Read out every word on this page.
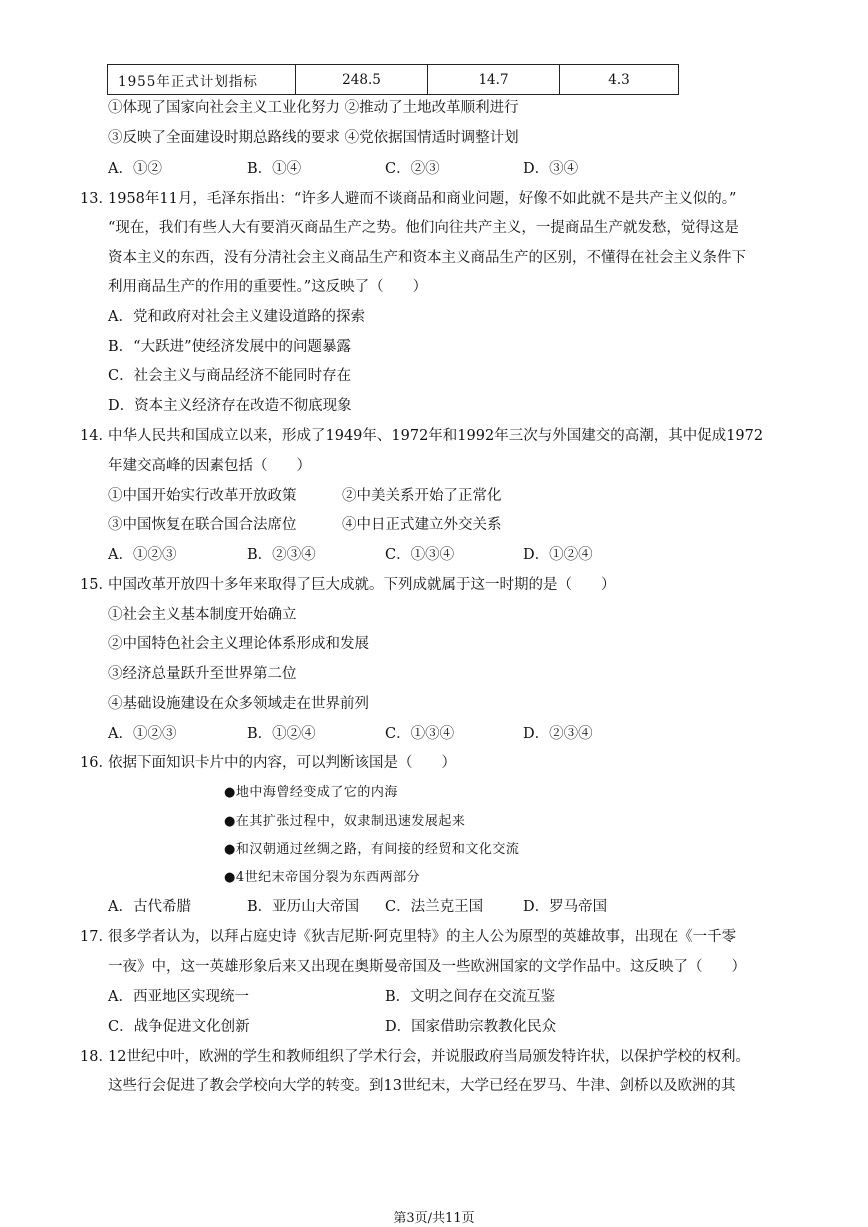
1955年正式计划指标	248.5	14.7	4.3
①体现了国家向社会主义工业化努力 ②推动了土地改革顺利进行
③反映了全面建设时期总路线的要求 ④党依据国情适时调整计划
A．①②	B．①④	C．②③	D．③④
13．
1958年11月，毛泽东指出：“许多人避而不谈商品和商业问题，好像不如此就不是共产主义似的。”
“现在，我们有些人大有要消灭商品生产之势。他们向往共产主义，一提商品生产就发愁，觉得这是
资本主义的东西，没有分清社会主义商品生产和资本主义商品生产的区别，不懂得在社会主义条件下
利用商品生产的作用的重要性。”这反映了（　　）
A．党和政府对社会主义建设道路的探索
B．“大跃进”使经济发展中的问题暴露
C．社会主义与商品经济不能同时存在
D．资本主义经济存在改造不彻底现象
14．
中华人民共和国成立以来，形成了1949年、1972年和1992年三次与外国建交的高潮，其中促成1972
年建交高峰的因素包括（　　）
①中国开始实行改革开放政策	②中美关系开始了正常化
③中国恢复在联合国合法席位	④中日正式建立外交关系
A．①②③	B．②③④	C．①③④	D．①②④
15．
中国改革开放四十多年来取得了巨大成就。下列成就属于这一时期的是（　　）
①社会主义基本制度开始确立
②中国特色社会主义理论体系形成和发展
③经济总量跃升至世界第二位
④基础设施建设在众多领域走在世界前列
A．①②③	B．①②④	C．①③④	D．②③④
16．
依据下面知识卡片中的内容，可以判断该国是（　　）
●地中海曾经变成了它的内海
●在其扩张过程中，奴隶制迅速发展起来
●和汉朝通过丝绸之路，有间接的经贸和文化交流
●4世纪末帝国分裂为东西两部分
A．古代希腊	B．亚历山大帝国 C．法兰克王国	D．罗马帝国
17．
很多学者认为，以拜占庭史诗《狄吉尼斯·阿克里特》的主人公为原型的英雄故事，出现在《一千零
一夜》中，这一英雄形象后来又出现在奥斯曼帝国及一些欧洲国家的文学作品中。这反映了（　　）
A．西亚地区实现统一	B．文明之间存在交流互鉴
C．战争促进文化创新	D．国家借助宗教教化民众
18．
12世纪中叶，欧洲的学生和教师组织了学术行会，并说服政府当局颁发特许状，以保护学校的权利。
这些行会促进了教会学校向大学的转变。到13世纪末，大学已经在罗马、牛津、剑桥以及欧洲的其
第3页/共11页
